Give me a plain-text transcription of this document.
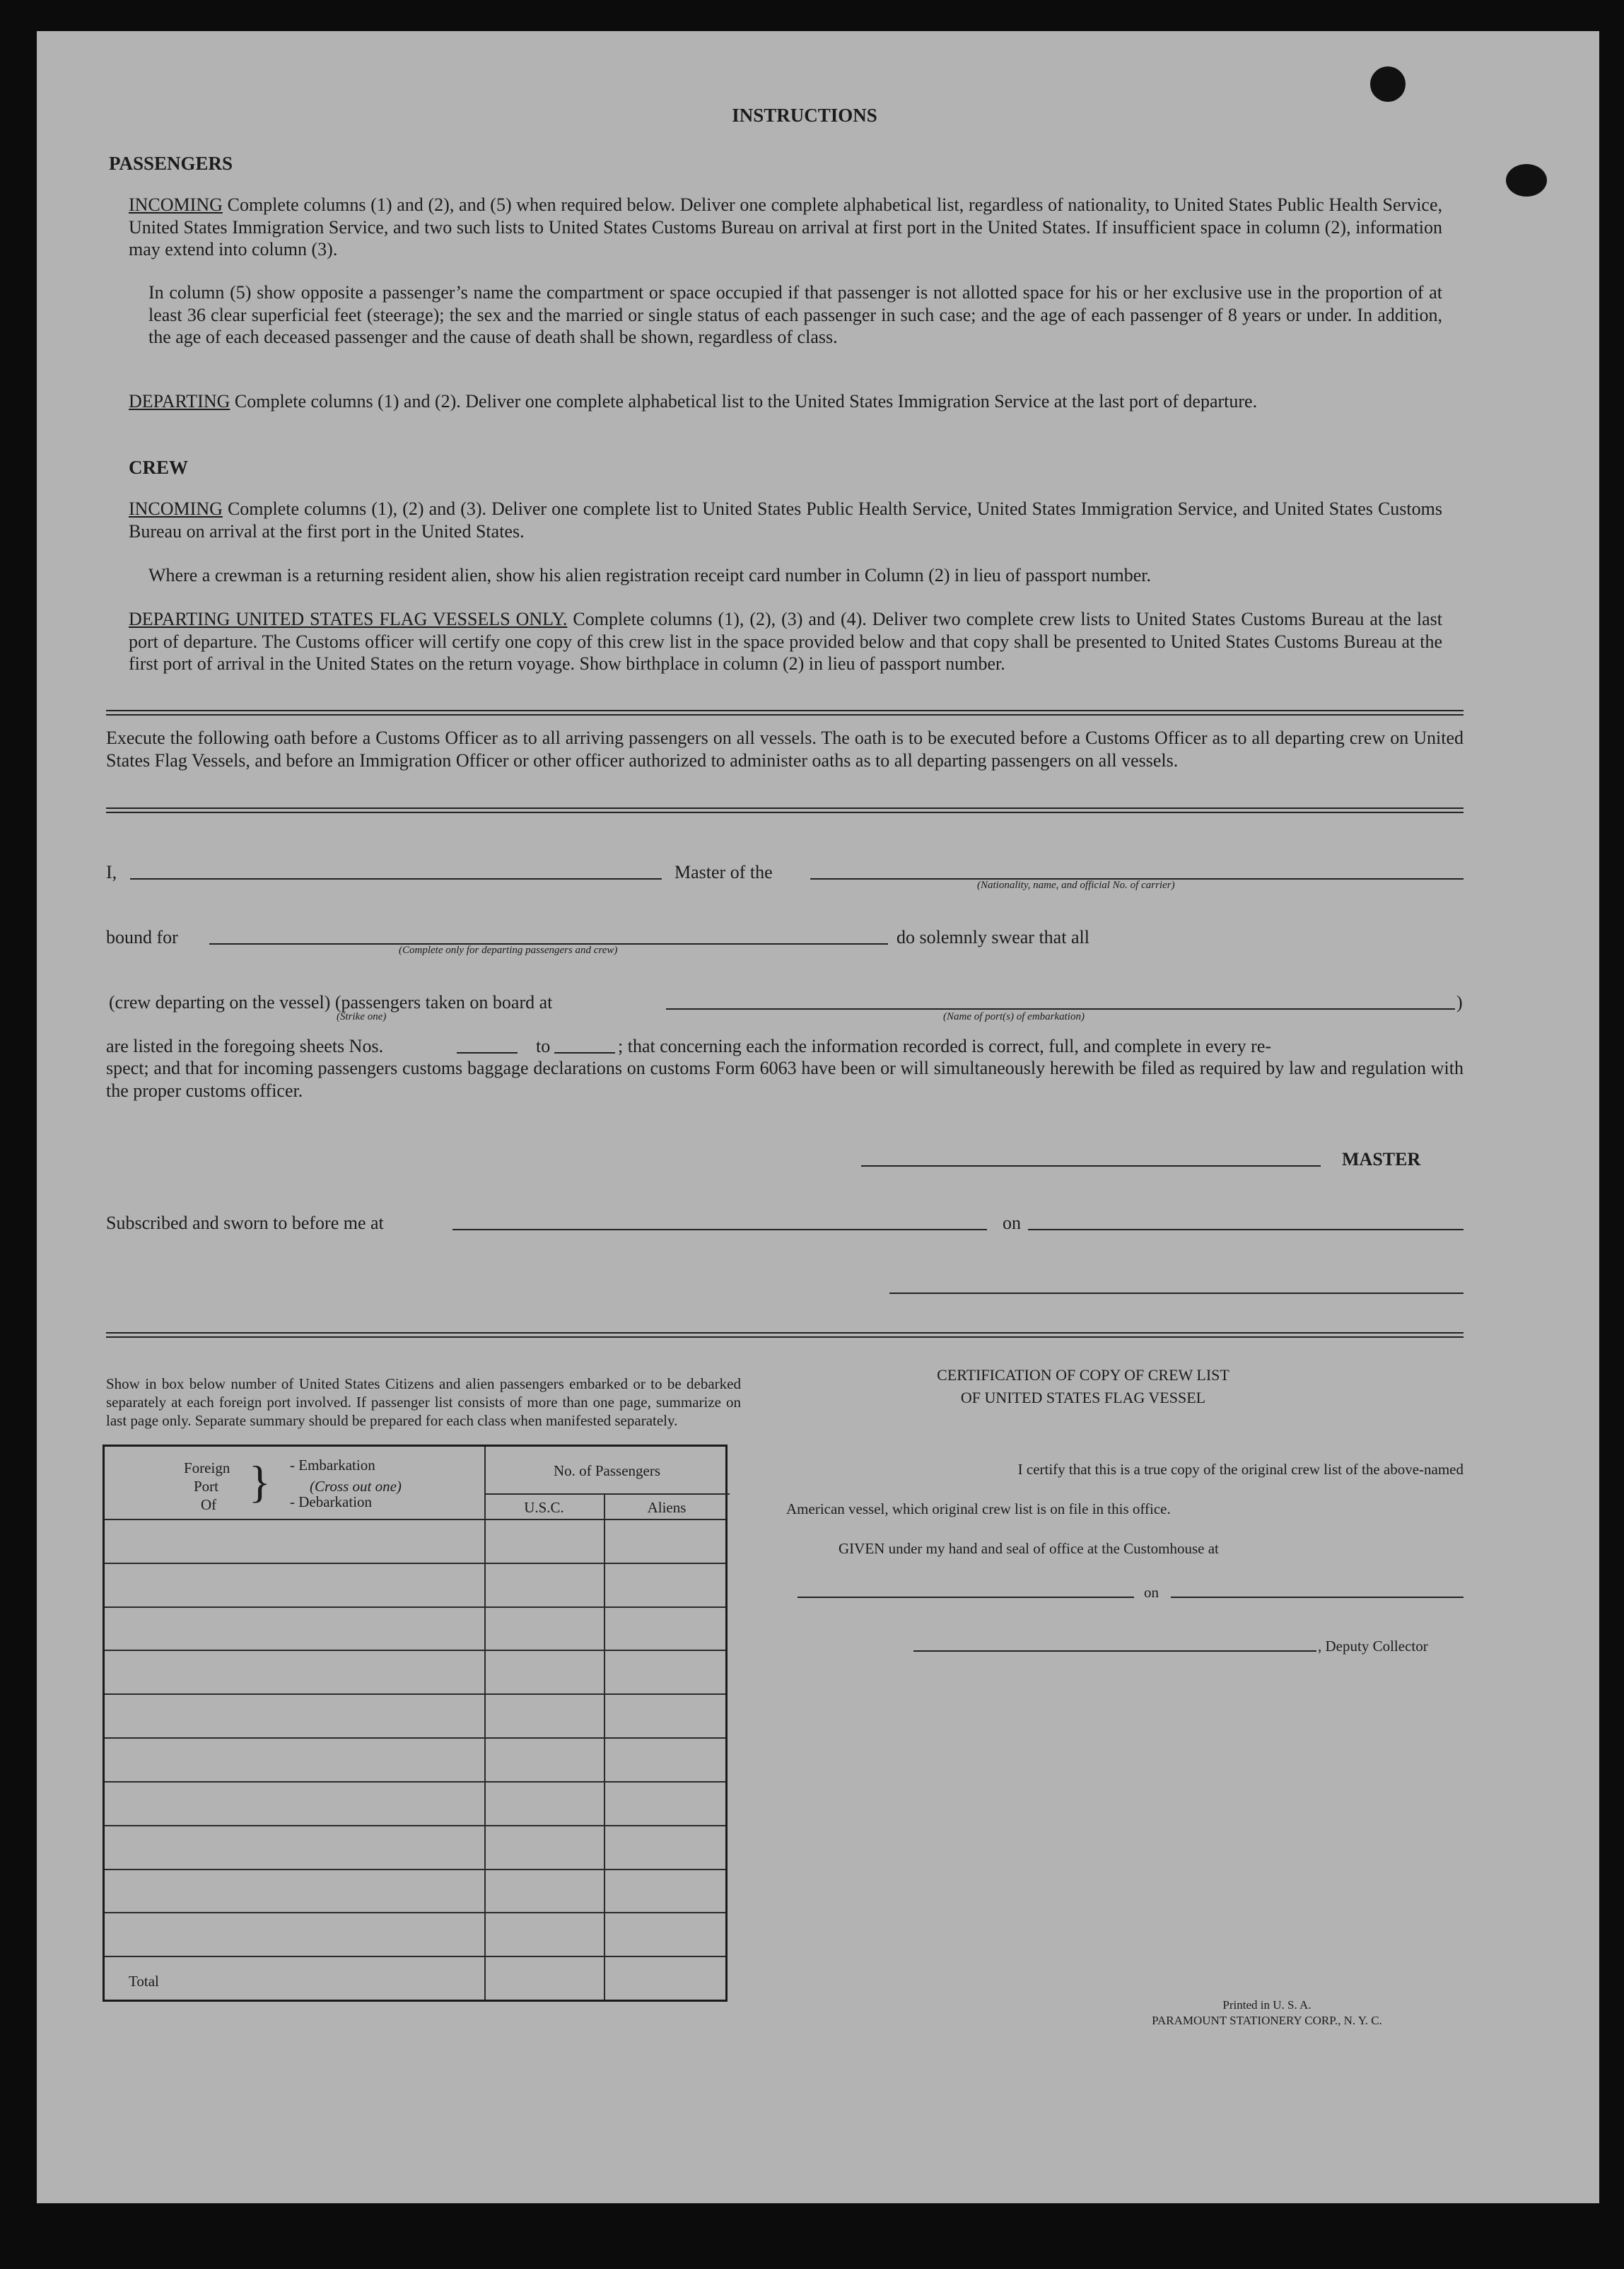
INSTRUCTIONS
PASSENGERS

INCOMING Complete columns (1) and (2), and (5) when required below. Deliver one complete alphabetical list, regardless of nationality, to United States Public Health Service, United States Immigration Service, and two such lists to United States Customs Bureau on arrival at first port in the United States. If insufficient space in column (2), information may extend into column (3).

In column (5) show opposite a passenger’s name the compartment or space occupied if that passenger is not allotted space for his or her exclusive use in the proportion of at least 36 clear superficial feet (steerage); the sex and the married or single status of each passenger in such case; and the age of each passenger of 8 years or under. In addition, the age of each deceased passenger and the cause of death shall be shown, regardless of class.

DEPARTING Complete columns (1) and (2). Deliver one complete alphabetical list to the United States Immigration Service at the last port of departure.

CREW

INCOMING Complete columns (1), (2) and (3). Deliver one complete list to United States Public Health Service, United States Immigration Service, and United States Customs Bureau on arrival at the first port in the United States.

Where a crewman is a returning resident alien, show his alien registration receipt card number in Column (2) in lieu of passport number.

DEPARTING UNITED STATES FLAG VESSELS ONLY. Complete columns (1), (2), (3) and (4). Deliver two complete crew lists to United States Customs Bureau at the last port of departure. The Customs officer will certify one copy of this crew list in the space provided below and that copy shall be presented to United States Customs Bureau at the first port of arrival in the United States on the return voyage. Show birthplace in column (2) in lieu of passport number.

Execute the following oath before a Customs Officer as to all arriving passengers on all vessels. The oath is to be executed before a Customs Officer as to all departing crew on United States Flag Vessels, and before an Immigration Officer or other officer authorized to administer oaths as to all departing passengers on all vessels.

I,	Master of the
(Nationality, name, and official No. of carrier)
bound for
(Complete only for departing passengers and crew)
do solemnly swear that all
(crew departing on the vessel) (passengers taken on board at
(Strike one)
)
(Name of port(s) of embarkation)
are listed in the foregoing sheets Nos.	to	; that concerning each the information recorded is correct, full, and complete in every re-

spect; and that for incoming passengers customs baggage declarations on customs Form 6063 have been or will simultaneously herewith be filed as required by law and regulation with the proper customs officer.

MASTER
Subscribed and sworn to before me at	on

Show in box below number of United States Citizens and alien passengers embarked or to be debarked separately at each foreign port involved. If passenger list consists of more than one page, summarize on last page only. Separate summary should be prepared for each class when manifested separately.

Foreign
Port
Of } - Embarkation
(Cross out one)
- Debarkation
No. of Passengers
U.S.C.	Aliens
Total
CERTIFICATION OF COPY OF CREW LIST
OF UNITED STATES FLAG VESSEL
I certify that this is a true copy of the original crew list of the above-named
American vessel, which original crew list is on file in this office.
GIVEN under my hand and seal of office at the Customhouse at
on
, Deputy Collector
Printed in U. S. A.
PARAMOUNT STATIONERY CORP., N. Y. C.
